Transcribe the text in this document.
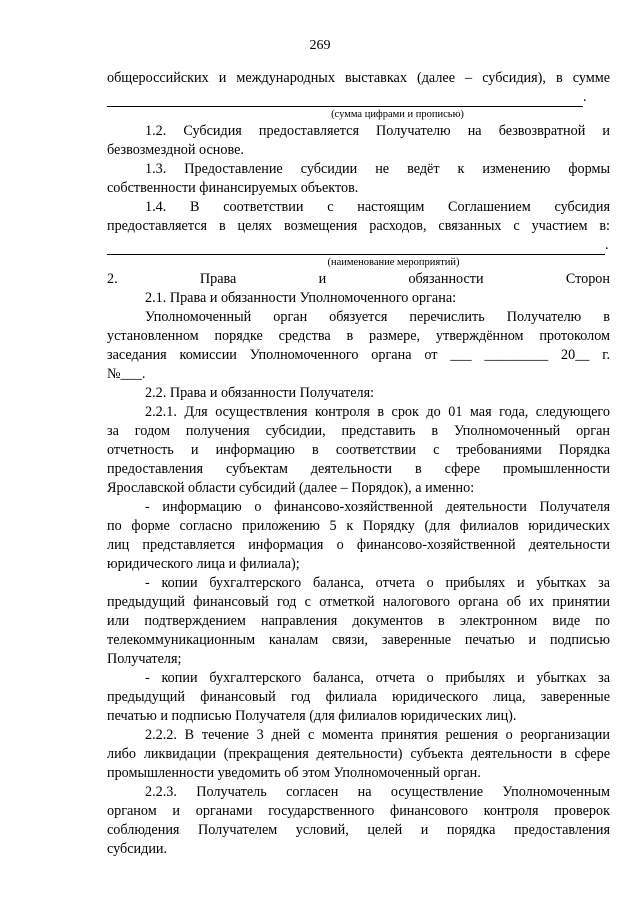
269

общероссийских и международных выставках (далее – субсидия), в сумме

.
(сумма цифрами и прописью)

1.2. Субсидия предоставляется Получателю на безвозвратной и

безвозмездной основе.

1.3. Предоставление субсидии не ведёт к изменению формы

собственности финансируемых объектов.

1.4. В соответствии с настоящим Соглашением субсидия

предоставляется в целях возмещения расходов, связанных с участием в:

.
(наименование мероприятий)

2. Права и обязанности Сторон

2.1. Права и обязанности Уполномоченного органа:

Уполномоченный орган обязуется перечислить Получателю в

установленном порядке средства в размере, утверждённом протоколом

заседания комиссии Уполномоченного органа от ___ _________ 20__ г.

№___.

2.2. Права и обязанности Получателя:

2.2.1. Для осуществления контроля в срок до 01 мая года, следующего

за годом получения субсидии, представить в Уполномоченный орган

отчетность и информацию в соответствии с требованиями Порядка

предоставления субъектам деятельности в сфере промышленности

Ярославской области субсидий (далее – Порядок), а именно:

- информацию о финансово-хозяйственной деятельности Получателя

по форме согласно приложению 5 к Порядку (для филиалов юридических

лиц представляется информация о финансово-хозяйственной деятельности

юридического лица и филиала);

- копии бухгалтерского баланса, отчета о прибылях и убытках за

предыдущий финансовый год с отметкой налогового органа об их принятии

или подтверждением направления документов в электронном виде по

телекоммуникационным каналам связи, заверенные печатью и подписью

Получателя;

- копии бухгалтерского баланса, отчета о прибылях и убытках за

предыдущий финансовый год филиала юридического лица, заверенные

печатью и подписью Получателя (для филиалов юридических лиц).

2.2.2. В течение 3 дней с момента принятия решения о реорганизации

либо ликвидации (прекращения деятельности) субъекта деятельности в сфере

промышленности уведомить об этом Уполномоченный орган.

2.2.3. Получатель согласен на осуществление Уполномоченным

органом и органами государственного финансового контроля проверок

соблюдения Получателем условий, целей и порядка предоставления

субсидии.
